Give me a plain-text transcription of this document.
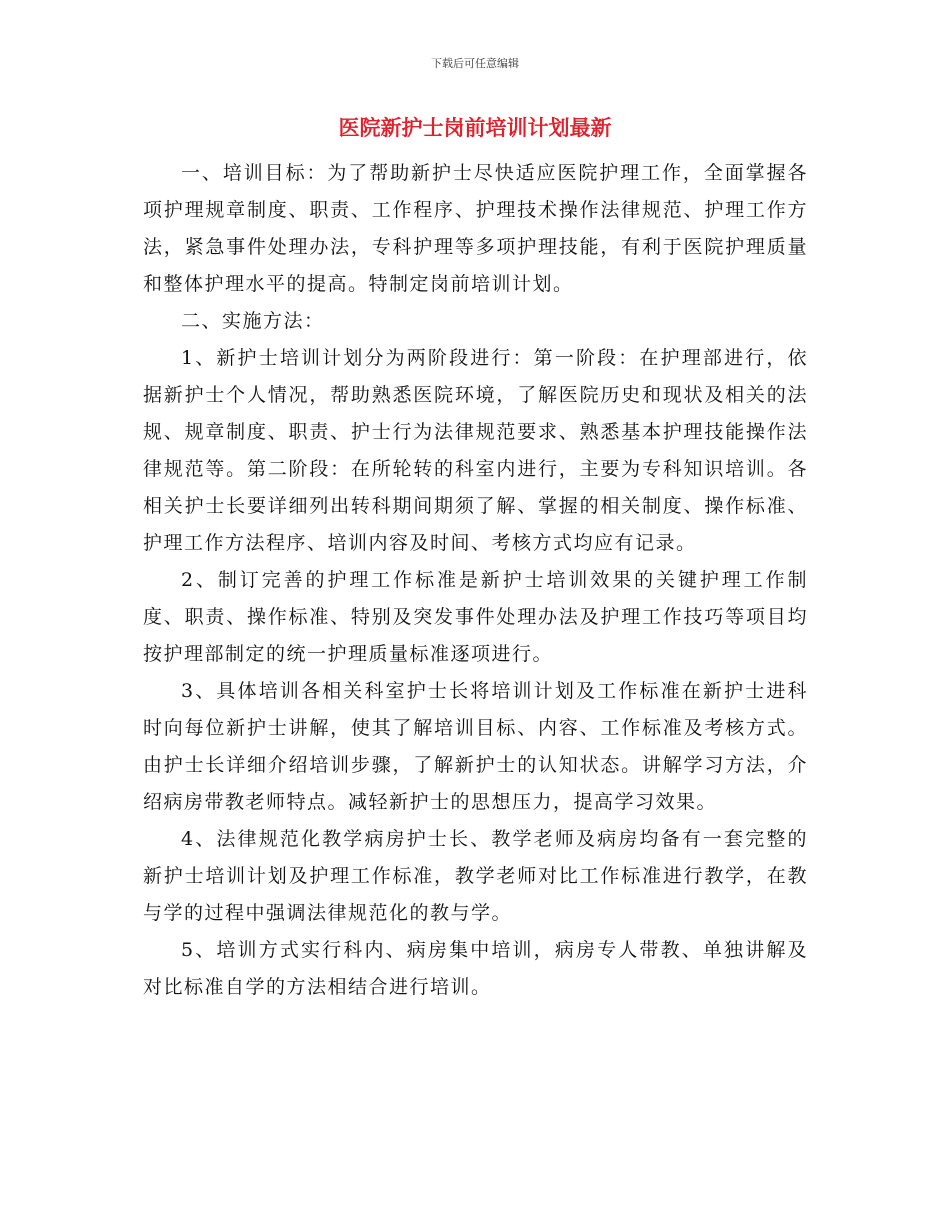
下载后可任意编辑
医院新护士岗前培训计划最新

一、培训目标：为了帮助新护士尽快适应医院护理工作，全面掌握各项护理规章制度、职责、工作程序、护理技术操作法律规范、护理工作方法，紧急事件处理办法，专科护理等多项护理技能，有利于医院护理质量和整体护理水平的提高。特制定岗前培训计划。

二、实施方法：

1、新护士培训计划分为两阶段进行：第一阶段：在护理部进行，依据新护士个人情况，帮助熟悉医院环境，了解医院历史和现状及相关的法规、规章制度、职责、护士行为法律规范要求、熟悉基本护理技能操作法律规范等。第二阶段：在所轮转的科室内进行，主要为专科知识培训。各相关护士长要详细列出转科期间期须了解、掌握的相关制度、操作标准、护理工作方法程序、培训内容及时间、考核方式均应有记录。

2、制订完善的护理工作标准是新护士培训效果的关键护理工作制度、职责、操作标准、特别及突发事件处理办法及护理工作技巧等项目均按护理部制定的统一护理质量标准逐项进行。

3、具体培训各相关科室护士长将培训计划及工作标准在新护士进科时向每位新护士讲解，使其了解培训目标、内容、工作标准及考核方式。由护士长详细介绍培训步骤，了解新护士的认知状态。讲解学习方法，介绍病房带教老师特点。减轻新护士的思想压力，提高学习效果。

4、法律规范化教学病房护士长、教学老师及病房均备有一套完整的新护士培训计划及护理工作标准，教学老师对比工作标准进行教学，在教与学的过程中强调法律规范化的教与学。

5、培训方式实行科内、病房集中培训，病房专人带教、单独讲解及对比标准自学的方法相结合进行培训。
